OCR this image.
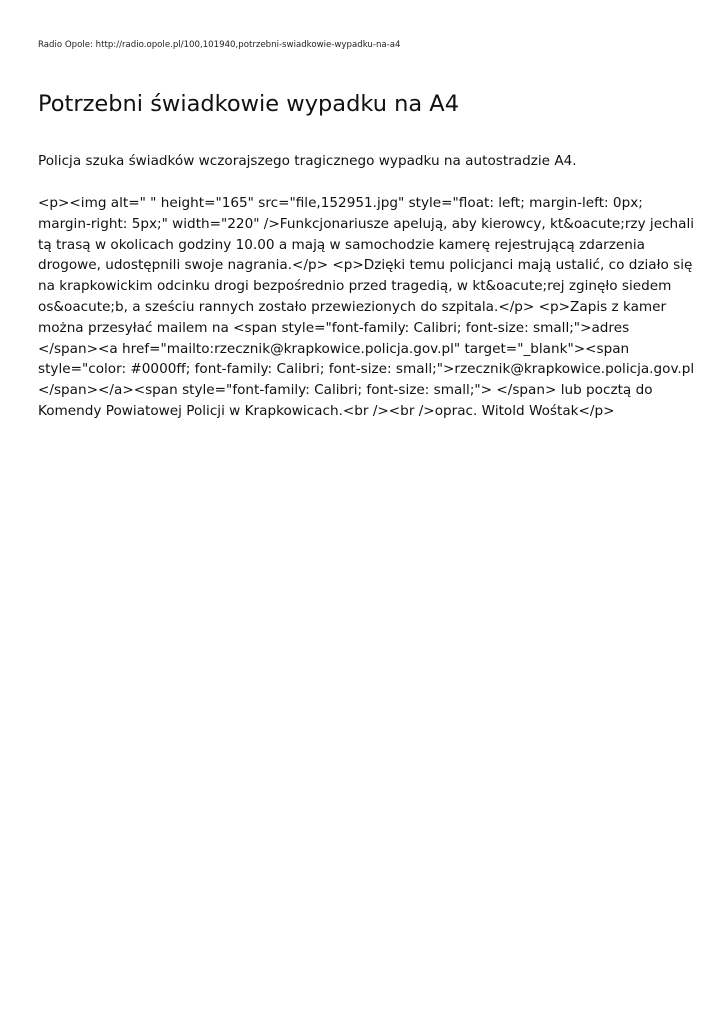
Radio Opole: http://radio.opole.pl/100,101940,potrzebni-swiadkowie-wypadku-na-a4
Potrzebni świadkowie wypadku na A4

Policja szuka świadków wczorajszego tragicznego wypadku na autostradzie A4.

<p><img alt=" " height="165" src="file,152951.jpg" style="float: left; margin-left: 0px;
margin-right: 5px;" width="220" />Funkcjonariusze apelują, aby kierowcy, kt&oacute;rzy jechali
tą trasą w okolicach godziny 10.00 a mają w samochodzie kamerę rejestrującą zdarzenia
drogowe, udostępnili swoje nagrania.</p> <p>Dzięki temu policjanci mają ustalić, co działo się
na krapkowickim odcinku drogi bezpośrednio przed tragedią, w kt&oacute;rej zginęło siedem
os&oacute;b, a sześciu rannych zostało przewiezionych do szpitala.</p> <p>Zapis z kamer
można przesyłać mailem na <span style="font-family: Calibri; font-size: small;">adres
</span><a href="mailto:rzecznik@krapkowice.policja.gov.pl" target="_blank"><span
style="color: #0000ff; font-family: Calibri; font-size: small;">rzecznik@krapkowice.policja.gov.pl
</span></a><span style="font-family: Calibri; font-size: small;"> </span> lub pocztą do
Komendy Powiatowej Policji w Krapkowicach.<br /><br />oprac. Witold Wośtak</p>
